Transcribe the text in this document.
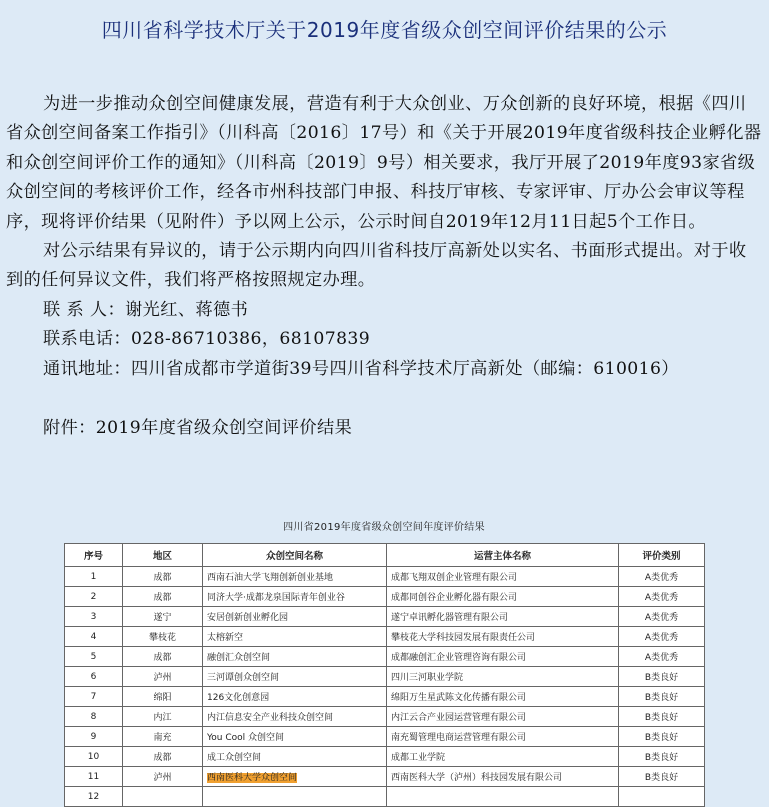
四川省科学技术厅关于2019年度省级众创空间评价结果的公示

为进一步推动众创空间健康发展，营造有利于大众创业、万众创新的良好环境，根据《四川省众创空间备案工作指引》（川科高〔2016〕17号）和《关于开展2019年度省级科技企业孵化器和众创空间评价工作的通知》（川科高〔2019〕9号）相关要求，我厅开展了2019年度93家省级众创空间的考核评价工作，经各市州科技部门申报、科技厅审核、专家评审、厅办公会审议等程序，现将评价结果（见附件）予以网上公示，公示时间自2019年12月11日起5个工作日。

对公示结果有异议的，请于公示期内向四川省科技厅高新处以实名、书面形式提出。对于收到的任何异议文件，我们将严格按照规定办理。

联 系 人：谢光红、蒋德书

联系电话：028-86710386，68107839

通讯地址：四川省成都市学道街39号四川省科学技术厅高新处（邮编：610016）

附件：2019年度省级众创空间评价结果

四川省2019年度省级众创空间年度评价结果
序号	地区	众创空间名称	运营主体名称	评价类别
1	成都	西南石油大学飞翔创新创业基地	成都飞翔双创企业管理有限公司	A类优秀
2	成都	同济大学·成都龙泉国际青年创业谷	成都同创谷企业孵化器有限公司	A类优秀
3	遂宁	安居创新创业孵化园	遂宁卓讯孵化器管理有限公司	A类优秀
4	攀枝花	太榕新空	攀枝花大学科技园发展有限责任公司	A类优秀
5	成都	融创汇众创空间	成都融创汇企业管理咨询有限公司	A类优秀
6	泸州	三河谭创众创空间	四川三河职业学院	B类良好
7	绵阳	126文化创意园	绵阳万生星武陈文化传播有限公司	B类良好
8	内江	内江信息安全产业科技众创空间	内江云合产业园运营管理有限公司	B类良好
9	南充	You Cool 众创空间	南充蜀管理电商运营管理有限公司	B类良好
10	成都	成工众创空间	成都工业学院	B类良好
11	泸州	西南医科大学众创空间	西南医科大学（泸州）科技园发展有限公司	B类良好
12				
